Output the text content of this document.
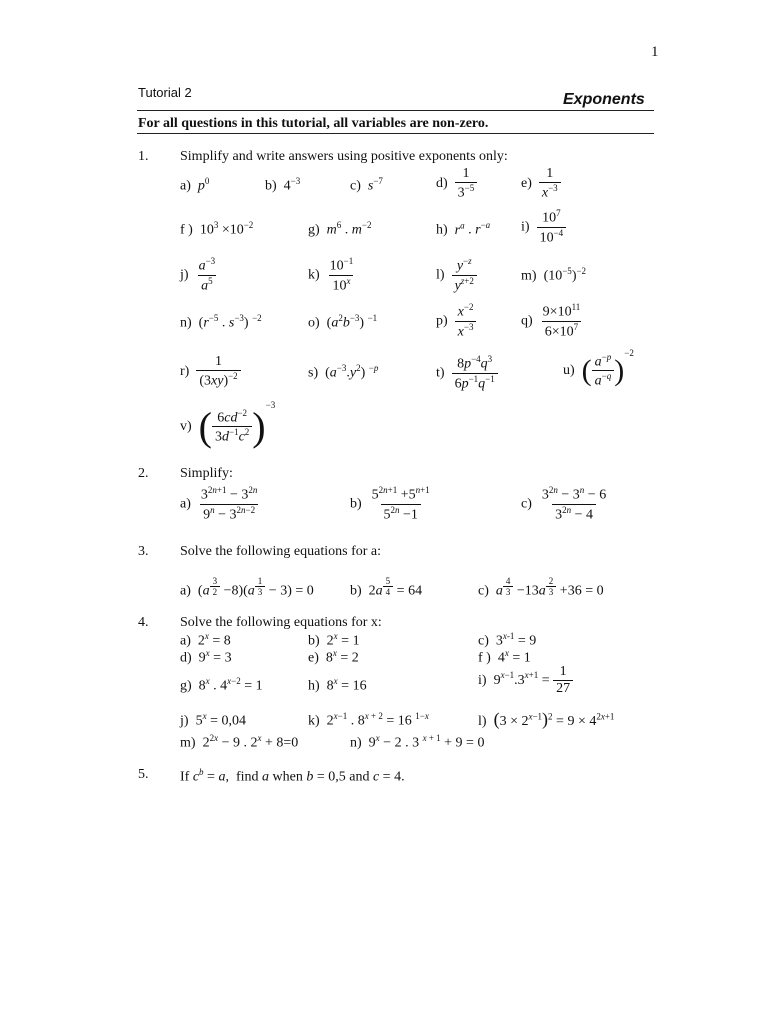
1
Tutorial 2	Exponents
For all questions in this tutorial, all variables are non-zero.
1. Simplify and write answers using positive exponents only:
a) $p^0$	b)  $4^{-3}$	c) $s^{-7}$	$d) \frac{1}{3^{-5}}$	$e) \frac{1}{x^{-3}}$
f )  $10^3 \times 10^{-2}$	g) $m^6$ . $m^{-2}$	h) $r^a$ . $r^{-a}$ $i) \frac{10^7}{10^{-4}}$
$j) \frac{a^{-3}}{a^5}$	$k) \frac{10^{-1}}{10^x}$	$l) \frac{y^{-z}}{y^{z+2}}$	m)  $(10^{-5})^{-2}$
n)  ($r^{-5}$ . $s^{-3}$) $^{-2}$	o)  $(a^2b^{-3})$ $^{-1}$	$p) \frac{x^{-2}}{x^{-3}}$	$q) \frac{9\times 10^{11}}{6\times 10^7}$
$r) \frac{1}{(3xy)^{-2}}$	s)  $(a^{-3}.y^2)$ $^{-p}$	$t) \frac{8p^{-4}q^3}{6p^{-1}q^{-1}}$	u) ( $\frac{a^{-p}}{a^{-q}} )^{-2}$
v) ( $\frac{6cd^{-2}}{3d^{-1}c^2} )^{-3}$
2. Simplify:
$a) \frac{3^{2n+1} - 3^{2n}}{9^n - 3^{2n-2}}$	$b) \frac{5^{2n+1} +5^{n+1}}{5^{2n} -1}$	$c) \frac{3^{2n} - 3^n - 6}{3^{2n} - 4}$
3. Solve the following equations for a:
a)  (a $^{\frac{3}{2}}$ −8)(a $^{\frac{1}{3}}$ − 3) = 0	b)  2a $^{\frac{5}{4}}$ = 64	c) a $^{\frac{4}{3}}$ −13a $^{\frac{2}{3}}$ +36 = 0
4. Solve the following equations for x:
a)  $2^x = 8$	b)  $2^x = 1$	c)  $3^{x-1} = 9$
d)  $9^x = 3$	e)  $8^x = 2$	f )  $4^x = 1$
g)  8$^x$ . $4^{x-2} = 1$	h)  $8^x = 16$	i)  $9^{x-1}.3^{x+1} = \frac{1}{27}$
j)  $5^x = 0,04$	k)  $2^{x-1}$ . $8^{x + 2} = 16$ $^{1-x}$	l) $(3 \times 2^{x-1})^2 = 9 \times 4^{2x+1}$
m)  $2^{2x} - 9$ . $2^x + 8=0$	n)  $9^x - 2$ . 3 $^{x + 1}$ + 9 = 0
5. If $c^b = a$,  find a when b = 0,5 and c = 4.
